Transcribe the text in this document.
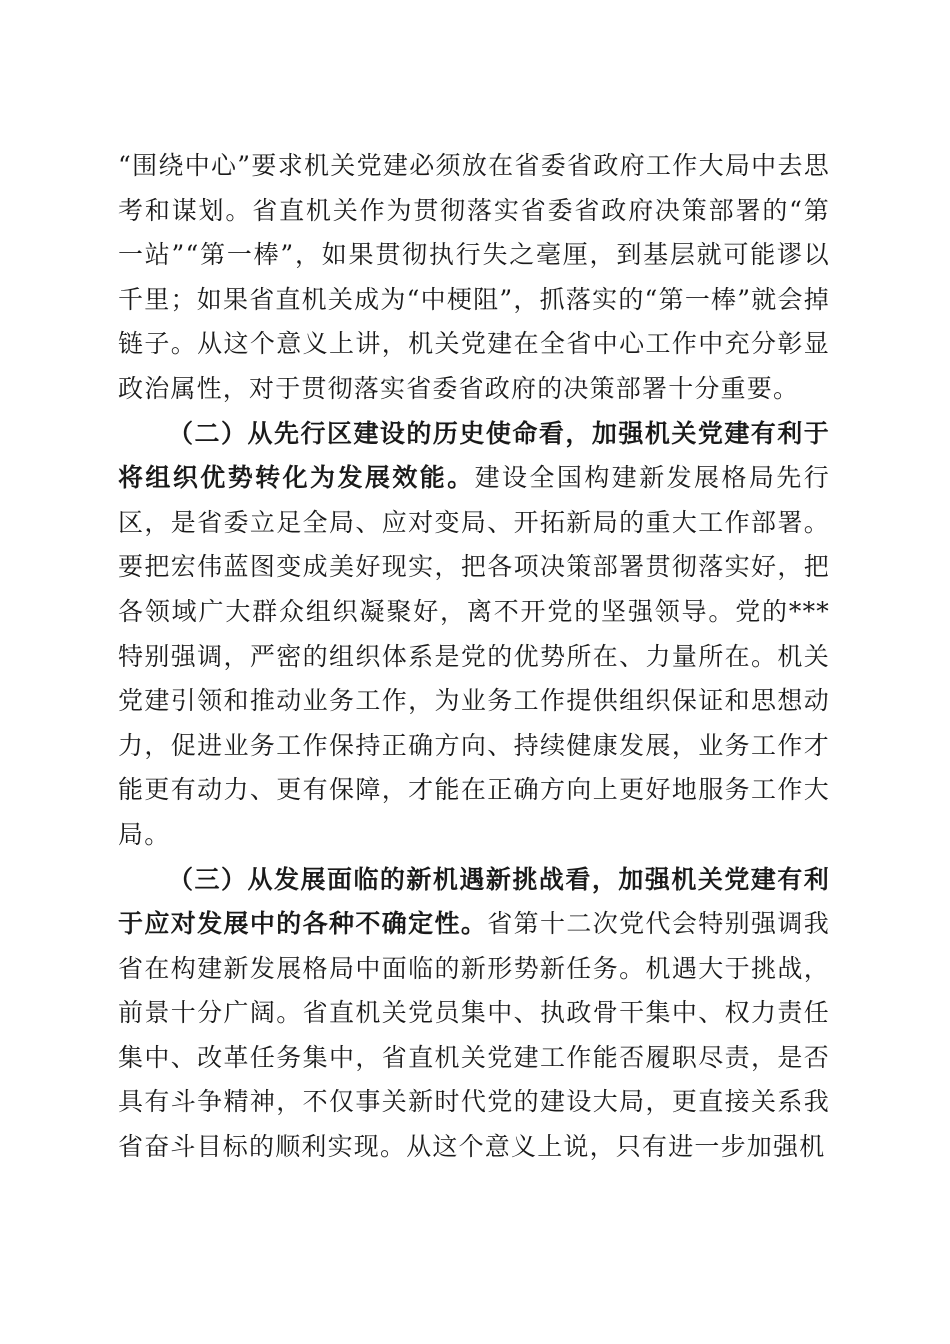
“围绕中心”要求机关党建必须放在省委省政府工作大局中去思考和谋划。省直机关作为贯彻落实省委省政府决策部署的“第一站”“第一棒”，如果贯彻执行失之毫厘，到基层就可能谬以千里；如果省直机关成为“中梗阻”，抓落实的“第一棒”就会掉链子。从这个意义上讲，机关党建在全省中心工作中充分彰显政治属性，对于贯彻落实省委省政府的决策部署十分重要。

（二）从先行区建设的历史使命看，加强机关党建有利于将组织优势转化为发展效能。建设全国构建新发展格局先行区，是省委立足全局、应对变局、开拓新局的重大工作部署。要把宏伟蓝图变成美好现实，把各项决策部署贯彻落实好，把各领域广大群众组织凝聚好，离不开党的坚强领导。党的***特别强调，严密的组织体系是党的优势所在、力量所在。机关党建引领和推动业务工作，为业务工作提供组织保证和思想动力，促进业务工作保持正确方向、持续健康发展，业务工作才能更有动力、更有保障，才能在正确方向上更好地服务工作大局。

（三）从发展面临的新机遇新挑战看，加强机关党建有利于应对发展中的各种不确定性。省第十二次党代会特别强调我省在构建新发展格局中面临的新形势新任务。机遇大于挑战，前景十分广阔。省直机关党员集中、执政骨干集中、权力责任集中、改革任务集中，省直机关党建工作能否履职尽责，是否具有斗争精神，不仅事关新时代党的建设大局，更直接关系我省奋斗目标的顺利实现。从这个意义上说，只有进一步加强机
